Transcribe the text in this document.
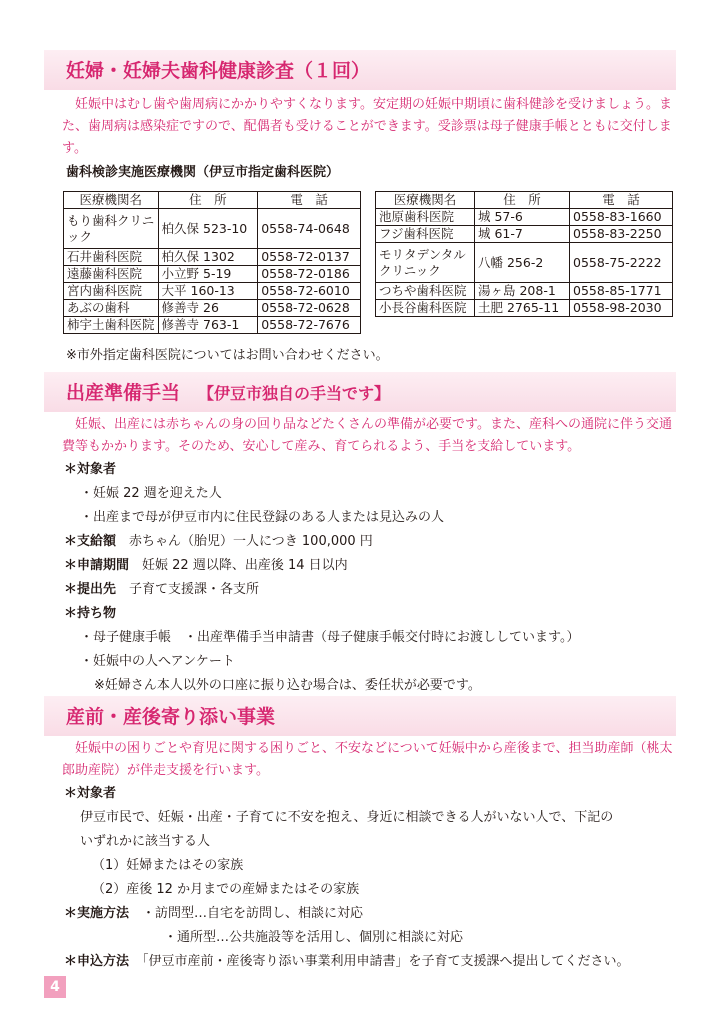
妊婦・妊婦夫歯科健康診査（１回）
　妊娠中はむし歯や歯周病にかかりやすくなります。安定期の妊娠中期頃に歯科健診を受けましょう。また、歯周病は感染症ですので、配偶者も受けることができます。受診票は母子健康手帳とともに交付します。
歯科検診実施医療機関（伊豆市指定歯科医院）
医療機関名	住　所	電　話
もり歯科クリニック	柏久保 523-10	0558-74-0648
石井歯科医院	柏久保 1302	0558-72-0137
遠藤歯科医院	小立野 5-19	0558-72-0186
宮内歯科医院	大平 160-13	0558-72-6010
あぶの歯科	修善寺 26	0558-72-0628
柿宇土歯科医院	修善寺 763-1	0558-72-7676
医療機関名	住　所	電　話
池原歯科医院	城 57-6	0558-83-1660
フジ歯科医院	城 61-7	0558-83-2250
モリタデンタルクリニック	八幡 256-2	0558-75-2222
つちや歯科医院	湯ヶ島 208-1	0558-85-1771
小長谷歯科医院	土肥 2765-11	0558-98-2030
※市外指定歯科医院についてはお問い合わせください。
出産準備手当 【伊豆市独自の手当です】
　妊娠、出産には赤ちゃんの身の回り品などたくさんの準備が必要です。また、産科への通院に伴う交通費等もかかります。そのため、安心して産み、育てられるよう、手当を支給しています。
＊対象者
・妊娠 22 週を迎えた人
・出産まで母が伊豆市内に住民登録のある人または見込みの人
＊支給額　 赤ちゃん（胎児）一人につき 100,000 円
＊申請期間　 妊娠 22 週以降、出産後 14 日以内
＊提出先　 子育て支援課・各支所
＊持ち物
・母子健康手帳　・出産準備手当申請書（母子健康手帳交付時にお渡ししています。）
・妊娠中の人へアンケート
※妊婦さん本人以外の口座に振り込む場合は、委任状が必要です。
産前・産後寄り添い事業
　妊娠中の困りごとや育児に関する困りごと、不安などについて妊娠中から産後まで、担当助産師（桃太郎助産院）が伴走支援を行います。
＊対象者
伊豆市民で、妊娠・出産・子育てに不安を抱え、身近に相談できる人がいない人で、下記の
いずれかに該当する人
（1）妊婦またはその家族
（2）産後 12 か月までの産婦またはその家族
＊実施方法　 ・訪問型…自宅を訪問し、相談に対応
・通所型…公共施設等を活用し、個別に相談に対応
＊申込方法　 「伊豆市産前・産後寄り添い事業利用申請書」を子育て支援課へ提出してください。
4
